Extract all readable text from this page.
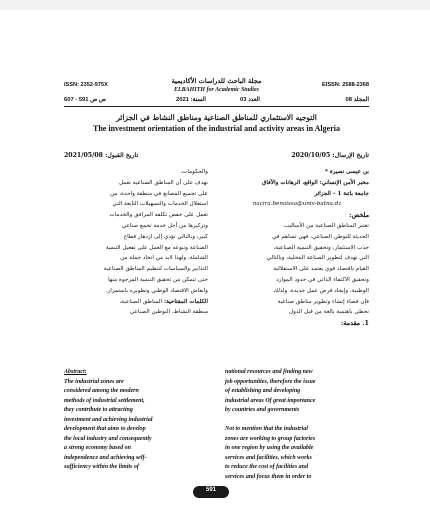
مجلة الباحث للدراسات الأكاديمية
ISSN: 2352-975X	EISSN: 2588-2368
ELBAHITH for Academic Studies
ص ص 591 - 607	السنة: 2021	العدد 03	المجلد 08
التوجيه الاستثماري للمناطق الصناعية ومناطق النشاط في الجزائر
The investment orientation of the industrial and activity areas in Algeria
تاريخ القبول: 2021/05/08	تاريخ الإرسال: 2020/10/05
بن عيسى نصيرة *
مخبر الأمن الإنساني: الواقع، الرهانات والآفاق
جامعة باتنة 1 - الجزائر
nacira.benaissa@univ-batna.dz
ملخص:
تعتبر المناطق الصناعية من الأساليب
الحديثة للتوطن الصناعي، فهي تساهم في
جذب الاستثمار، وتحقيق التنمية الصناعية،
التي تهدف لتطوير الصناعة المحلية، وبالتالي
القيام باقتصاد قوي يعتمد على الاستقلالية
وتحقيق الاكتفاء الذاتي في حدود الموارد
الوطنية، وإيجاد فرص عمل جديدة، ولذلك
فإن فضاء إنشاء وتطوير مناطق صناعية
تحظى باهتمية بالغة من قبل الدول
1. مقدمة:
والحكومات.
تهدف على أن المناطق الصناعية تعمل
على تجميع المصانع في منطقة واحدة، من
استغلال الخدمات والتسهيلات التابعة التي
تعمل على خفض تكلفة المرافق والخدمات
وتركيزها من أجل خدمة تجمع صناعي
كبير، وبالتالي تؤدي إلى ازدهار قطاع
الصناعة وتنوعه مع العمل على تفعيل التنمية
الشاملة، ولهذا لابد من اتخاذ جملة من
التدابير والسياسات لتنظيم المناطق الصناعية
حتى تتمكن من تحقيق التنمية المرجوة منها
وانعاش الاقتصاد الوطني وتطويره باستمرار.
الكلمات المفتاحية: المناطق الصناعية،
منطقة النشاط، التوطين الصناعي
Abstract:
The industrial zones are
considered among the modern
methods of industrial settlement,
they contribute to attracting
investment and achieving industrial
development that aims to develop
the local industry and consequently
a strong economy based on
independence and achieving self-
sufficiency within the limits of
national resources and finding new
job opportunities, therefore the issue
of establishing and developing
industrial areas Of great importance
by countries and governments
Not to mention that the industrial
zones are working to group factories
in one region by using the available
services and facilities, which works
to reduce the cost of facilities and
services and focus them in order to
591
